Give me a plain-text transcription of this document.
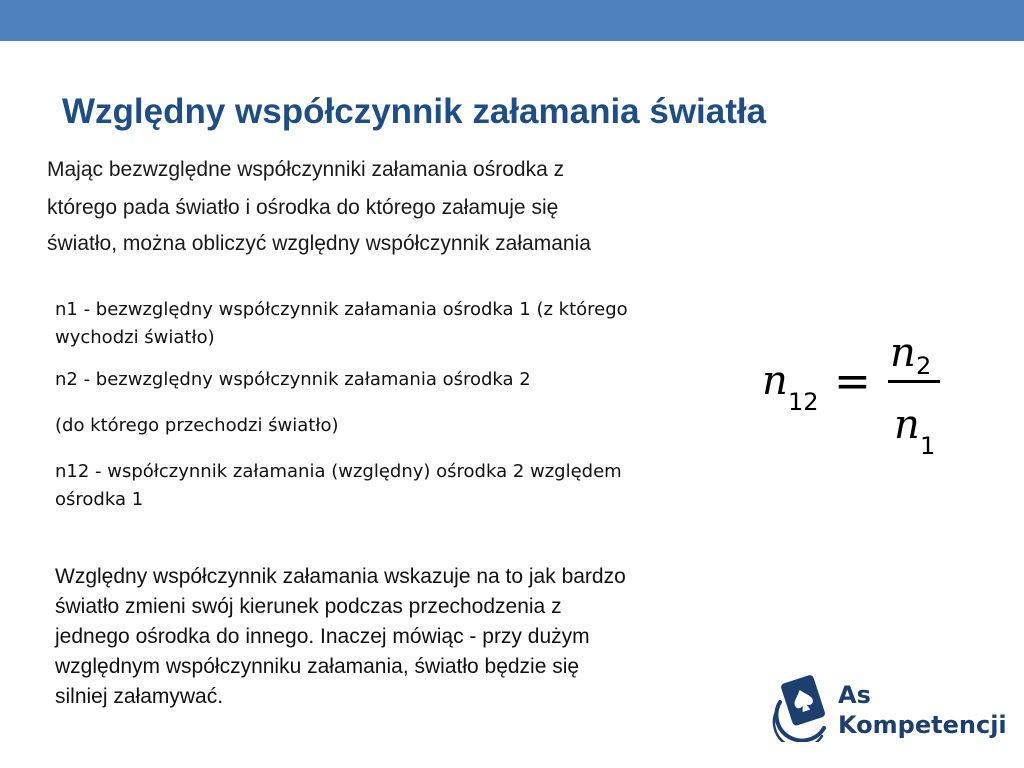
Względny współczynnik załamania światła
Mając bezwzględne współczynniki załamania ośrodka z
którego pada światło i ośrodka do którego załamuje się
światło, można obliczyć względny współczynnik załamania

n1 - bezwzględny współczynnik załamania ośrodka 1 (z którego

wychodzi światło)

n2 - bezwzględny współczynnik załamania ośrodka 2

(do którego przechodzi światło)

n12 - współczynnik załamania (względny) ośrodka 2 względem

ośrodka 1

n 12 =
n 2
n 1
Względny współczynnik załamania wskazuje na to jak bardzo
światło zmieni swój kierunek podczas przechodzenia z
jednego ośrodka do innego. Inaczej mówiąc - przy dużym
względnym współczynniku załamania, światło będzie się
silniej załamywać.	As
Kompetencji
